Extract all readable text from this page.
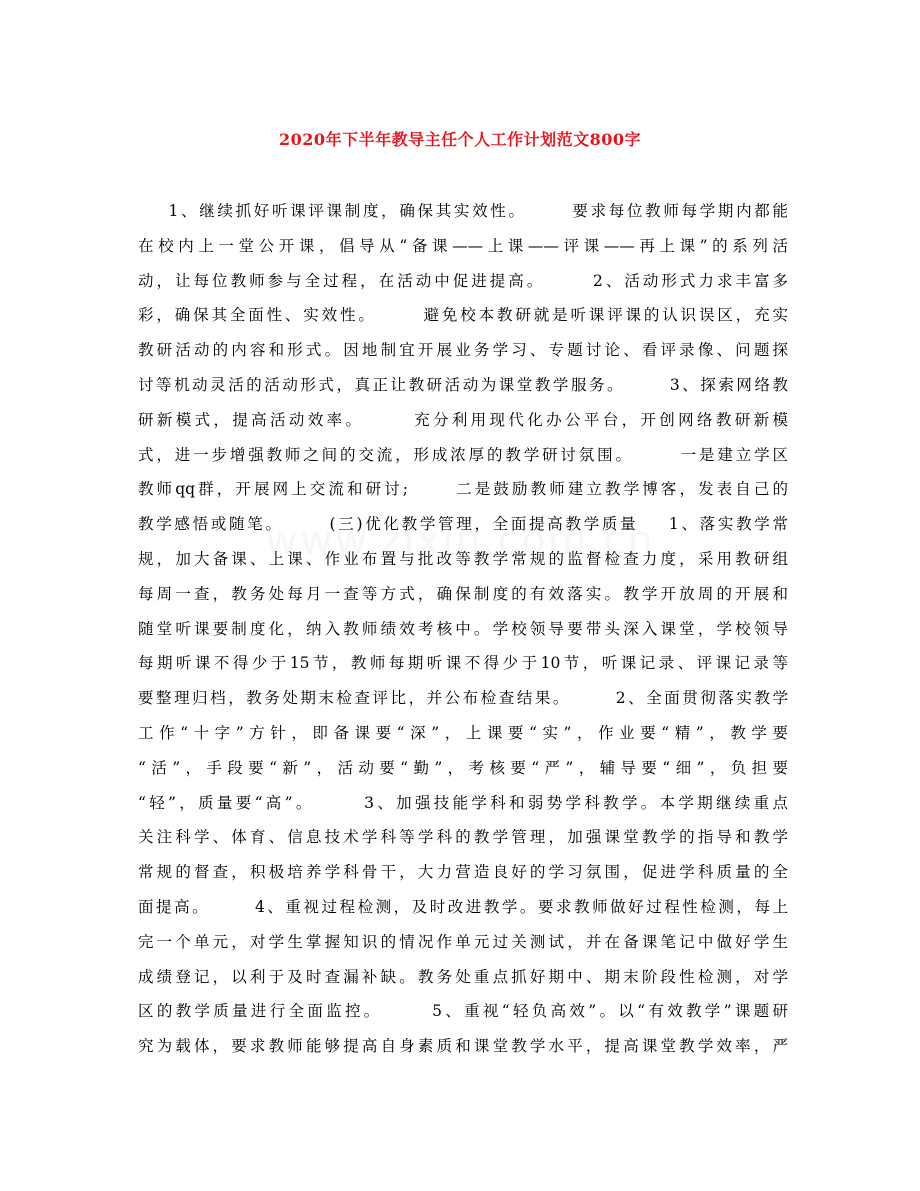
2020年下半年教导主任个人工作计划范文800字
1、继续抓好听课评课制度，确保其实效性。      要求每位教师每学期内都能
在校内上一堂公开课，倡导从“备课——上课——评课——再上课”的系列活
动，让每位教师参与全过程，在活动中促进提高。      2、活动形式力求丰富多
彩，确保其全面性、实效性。      避免校本教研就是听课评课的认识误区，充实
教研活动的内容和形式。因地制宜开展业务学习、专题讨论、看评录像、问题探
讨等机动灵活的活动形式，真正让教研活动为课堂教学服务。      3、探索网络教
研新模式，提高活动效率。      充分利用现代化办公平台，开创网络教研新模
式，进一步增强教师之间的交流，形成浓厚的教学研讨氛围。      一是建立学区
教师qq群，开展网上交流和研讨;      二是鼓励教师建立教学博客，发表自己的
教学感悟或随笔。      (三)优化教学管理，全面提高教学质量    1、落实教学常
规，加大备课、上课、作业布置与批改等教学常规的监督检查力度，采用教研组
每周一查，教务处每月一查等方式，确保制度的有效落实。教学开放周的开展和
随堂听课要制度化，纳入教师绩效考核中。学校领导要带头深入课堂，学校领导
每期听课不得少于15节，教师每期听课不得少于10节，听课记录、评课记录等
要整理归档，教务处期末检查评比，并公布检查结果。      2、全面贯彻落实教学
工作“十字”方针，即备课要“深”，上课要“实”，作业要“精”，教学要
“活”，手段要“新”，活动要“勤”，考核要“严”，辅导要“细”，负担要
“轻”，质量要“高”。      3、加强技能学科和弱势学科教学。本学期继续重点
关注科学、体育、信息技术学科等学科的教学管理，加强课堂教学的指导和教学
常规的督查，积极培养学科骨干，大力营造良好的学习氛围，促进学科质量的全
面提高。      4、重视过程检测，及时改进教学。要求教师做好过程性检测，每上
完一个单元，对学生掌握知识的情况作单元过关测试，并在备课笔记中做好学生
成绩登记，以利于及时查漏补缺。教务处重点抓好期中、期末阶段性检测，对学
区的教学质量进行全面监控。      5、重视“轻负高效”。以“有效教学”课题研
究为载体，要求教师能够提高自身素质和课堂教学水平，提高课堂教学效率，严
